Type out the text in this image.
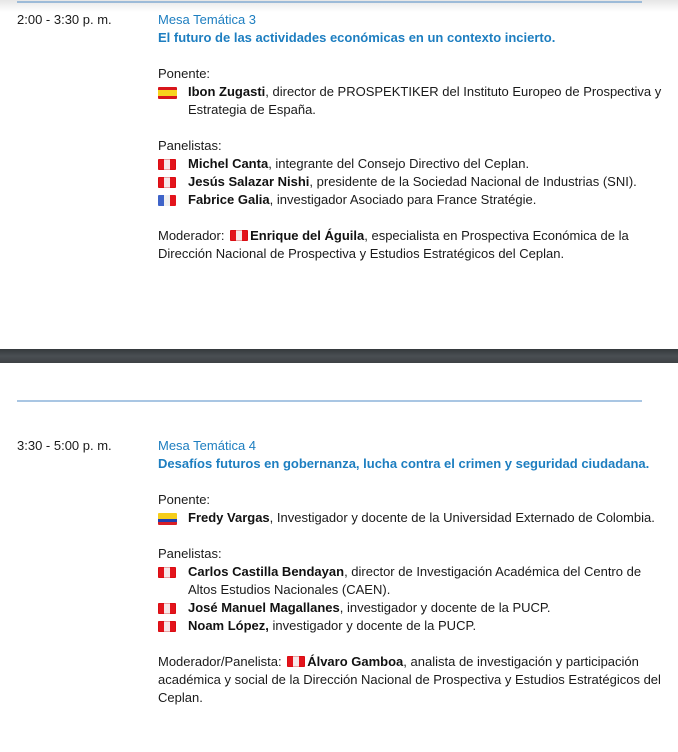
2:00 - 3:30 p. m.	Mesa Temática 3
El futuro de las actividades económicas en un contexto incierto.
Ponente:
Ibon Zugasti, director de PROSPEKTIKER del Instituto Europeo de Prospectiva y Estrategia de España.
Panelistas:
Michel Canta, integrante del Consejo Directivo del Ceplan.
Jesús Salazar Nishi, presidente de la Sociedad Nacional de Industrias (SNI).
Fabrice Galia, investigador Asociado para France Stratégie.
Moderador: Enrique del Águila, especialista en Prospectiva Económica de la Dirección Nacional de Prospectiva y Estudios Estratégicos del Ceplan.
3:30 - 5:00 p. m.	Mesa Temática 4
Desafíos futuros en gobernanza, lucha contra el crimen y seguridad ciudadana.
Ponente:
Fredy Vargas, Investigador y docente de la Universidad Externado de Colombia.
Panelistas:
Carlos Castilla Bendayan, director de Investigación Académica del Centro de Altos Estudios Nacionales (CAEN).
José Manuel Magallanes, investigador y docente de la PUCP.
Noam López, investigador y docente de la PUCP.
Moderador/Panelista: Álvaro Gamboa, analista de investigación y participación académica y social de la Dirección Nacional de Prospectiva y Estudios Estratégicos del Ceplan.
